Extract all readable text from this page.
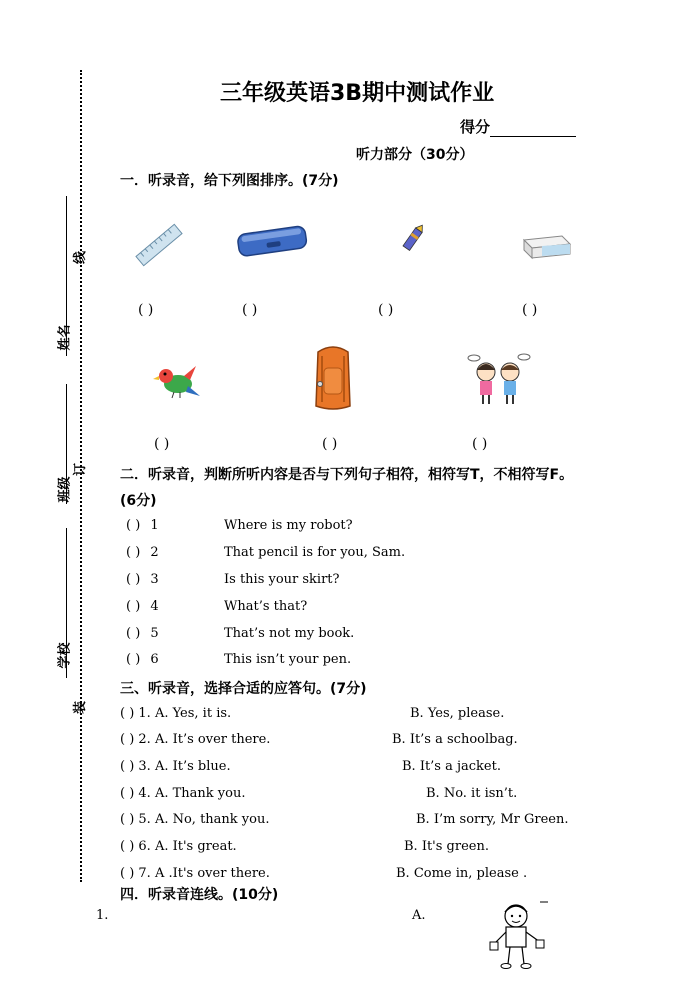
线
姓名
班级
订
学校
装
三年级英语3B期中测试作业
得分
听力部分（30分）
一．听录音，给下列图排序。(7分)
( )	( )	( )	( )
( )	( )	( )
二．听录音，判断所听内容是否与下列句子相符，相符写T，不相符写F。
(6分)
( ) 1	Where is my robot?
( ) 2	That pencil is for you, Sam.
( ) 3	Is this your skirt?
( ) 4	What’s that?
( ) 5	That’s not my book.
( ) 6	This isn’t your pen.
三、听录音，选择合适的应答句。(7分)
( ) 1. A. Yes, it is.	B. Yes, please.
( ) 2. A. It’s over there.	B. It’s a schoolbag.
( ) 3. A. It’s blue.	B. It’s a jacket.
( ) 4. A. Thank you.	B. No. it isn’t.
( ) 5. A. No, thank you.	B. I’m sorry, Mr Green.
( ) 6. A. It's great.	B. It's green.
( ) 7. A .It's over there.	B. Come in, please .
四．听录音连线。(10分)
1.	A.
